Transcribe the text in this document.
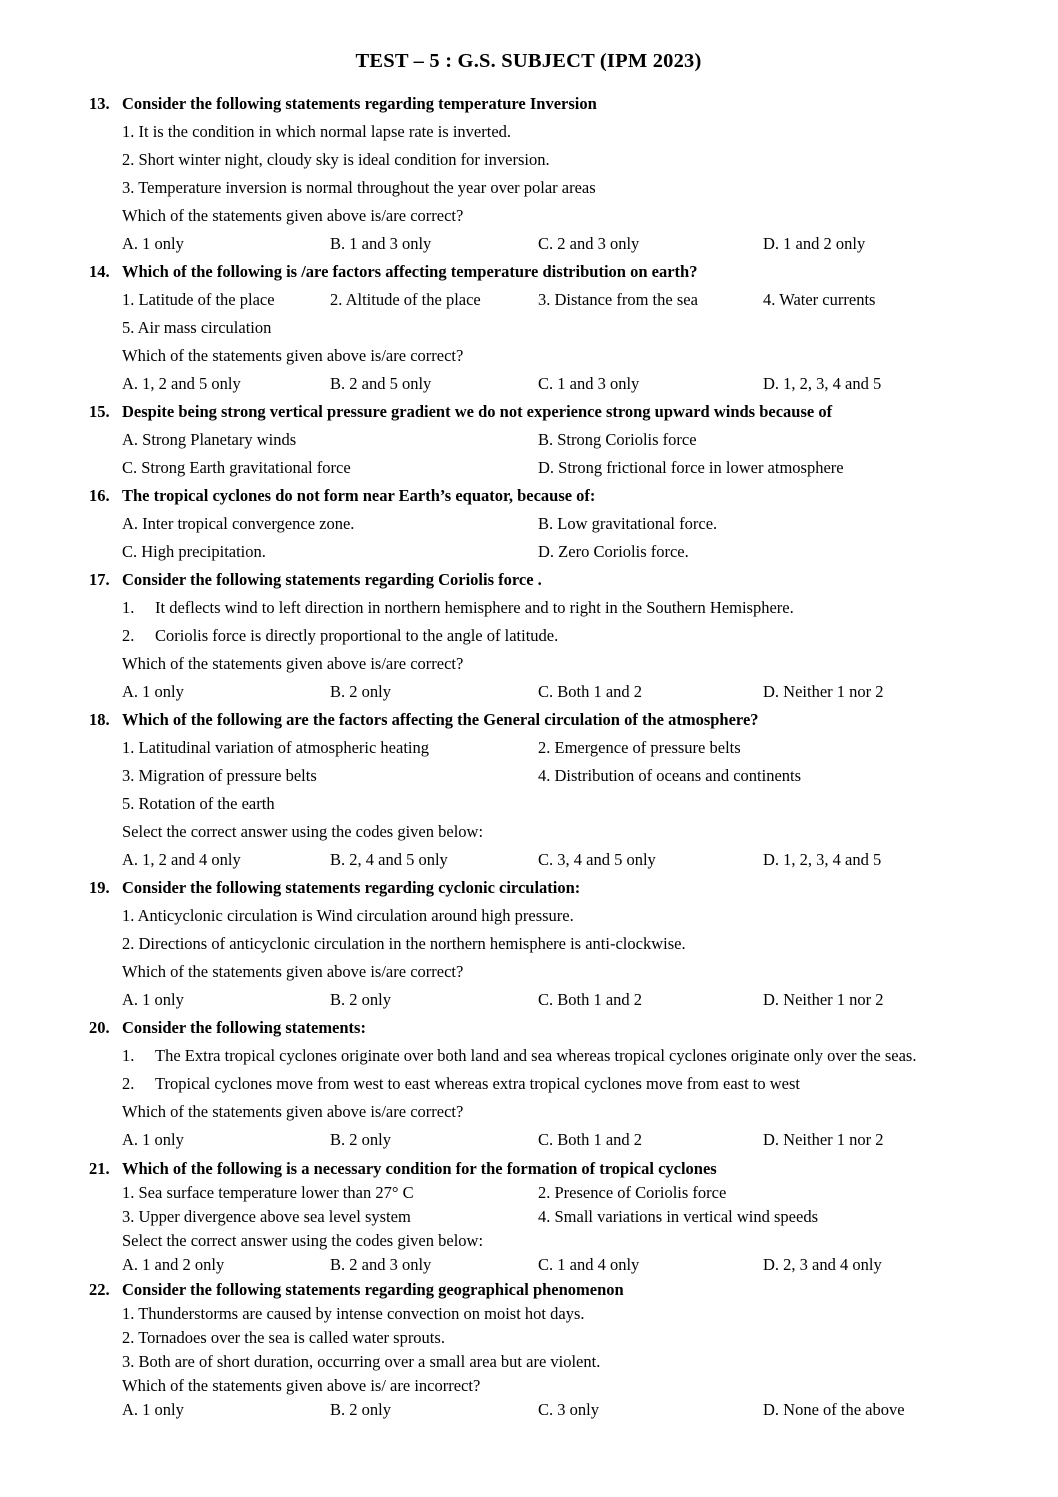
TEST – 5 : G.S. SUBJECT (IPM 2023)
13. Consider the following statements regarding temperature Inversion
1. It is the condition in which normal lapse rate is inverted.
2. Short winter night, cloudy sky is ideal condition for inversion.
3. Temperature inversion is normal throughout the year over polar areas
Which of the statements given above is/are correct?
A. 1 only	B. 1 and 3 only	C. 2 and 3 only	D. 1 and 2 only
14. Which of the following is /are factors affecting temperature distribution on earth?
1. Latitude of the place	2. Altitude of the place	3. Distance from the sea	4. Water currents
5. Air mass circulation
Which of the statements given above is/are correct?
A. 1, 2 and 5 only	B. 2 and 5 only	C. 1 and 3 only	D. 1, 2, 3, 4 and 5
15. Despite being strong vertical pressure gradient we do not experience strong upward winds because of
A. Strong Planetary winds	B. Strong Coriolis force
C. Strong Earth gravitational force	D. Strong frictional force in lower atmosphere
16. The tropical cyclones do not form near Earth’s equator, because of:
A. Inter tropical convergence zone.	B. Low gravitational force.
C. High precipitation.	D. Zero Coriolis force.
17. Consider the following statements regarding Coriolis force .
1.	It deflects wind to left direction in northern hemisphere and to right in the Southern Hemisphere.
2.	Coriolis force is directly proportional to the angle of latitude.
Which of the statements given above is/are correct?
A. 1 only	B. 2 only	C. Both 1 and 2	D. Neither 1 nor 2
18. Which of the following are the factors affecting the General circulation of the atmosphere?
1. Latitudinal variation of atmospheric heating	2. Emergence of pressure belts
3. Migration of pressure belts	4. Distribution of oceans and continents
5. Rotation of the earth
Select the correct answer using the codes given below:
A. 1, 2 and 4 only	B. 2, 4 and 5 only	C. 3, 4 and 5 only	D. 1, 2, 3, 4 and 5
19. Consider the following statements regarding cyclonic circulation:
1. Anticyclonic circulation is Wind circulation around high pressure.
2. Directions of anticyclonic circulation in the northern hemisphere is anti-clockwise.
Which of the statements given above is/are correct?
A. 1 only	B. 2 only	C. Both 1 and 2	D. Neither 1 nor 2
20. Consider the following statements:
1.	The Extra tropical cyclones originate over both land and sea whereas tropical cyclones originate only over the seas.
2.	Tropical cyclones move from west to east whereas extra tropical cyclones move from east to west
Which of the statements given above is/are correct?
A. 1 only	B. 2 only	C. Both 1 and 2	D. Neither 1 nor 2
21. Which of the following is a necessary condition for the formation of tropical cyclones
1. Sea surface temperature lower than 27° C	2. Presence of Coriolis force
3. Upper divergence above sea level system	4. Small variations in vertical wind speeds
Select the correct answer using the codes given below:
A. 1 and 2 only	B. 2 and 3 only	C. 1 and 4 only	D. 2, 3 and 4 only
22. Consider the following statements regarding geographical phenomenon
1. Thunderstorms are caused by intense convection on moist hot days.
2. Tornadoes over the sea is called water sprouts.
3. Both are of short duration, occurring over a small area but are violent.
Which of the statements given above is/ are incorrect?
A. 1 only	B. 2 only	C. 3 only	D. None of the above
